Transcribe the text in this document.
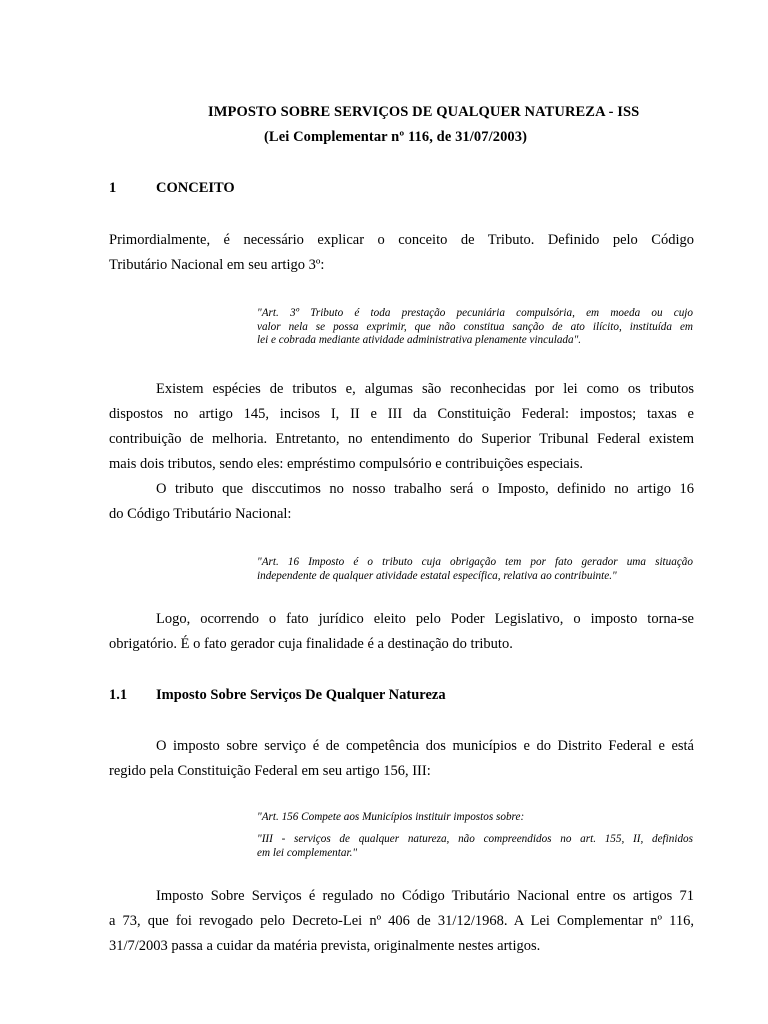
IMPOSTO SOBRE SERVIÇOS DE QUALQUER NATUREZA - ISS
(Lei Complementar nº 116, de 31/07/2003)
1	CONCEITO
Primordialmente, é necessário explicar o conceito de Tributo. Definido pelo Código
Tributário Nacional em seu artigo 3º:
"Art. 3º Tributo é toda prestação pecuniária compulsória, em moeda ou cujo
valor nela se possa exprimir, que não constitua sanção de ato ilícito, instituída em
lei e cobrada mediante atividade administrativa plenamente vinculada".
Existem espécies de tributos e, algumas são reconhecidas por lei como os tributos
dispostos no artigo 145, incisos I, II e III da Constituição Federal: impostos; taxas e
contribuição de melhoria. Entretanto, no entendimento do Superior Tribunal Federal existem
mais dois tributos, sendo eles: empréstimo compulsório e contribuições especiais.
O tributo que disccutimos no nosso trabalho será o Imposto, definido no artigo 16
do Código Tributário Nacional:
"Art. 16 Imposto é o tributo cuja obrigação tem por fato gerador uma situação
independente de qualquer atividade estatal específica, relativa ao contribuinte."
Logo, ocorrendo o fato jurídico eleito pelo Poder Legislativo, o imposto torna-se
obrigatório. É o fato gerador cuja finalidade é a destinação do tributo.
1.1 Imposto Sobre Serviços De Qualquer Natureza
O imposto sobre serviço é de competência dos municípios e do Distrito Federal e está
regido pela Constituição Federal em seu artigo 156, III:
"Art. 156 Compete aos Municípios instituir impostos sobre:
"III - serviços de qualquer natureza, não compreendidos no art. 155, II, definidos
em lei complementar."
Imposto Sobre Serviços é regulado no Código Tributário Nacional entre os artigos 71
a 73, que foi revogado pelo Decreto-Lei nº 406 de 31/12/1968. A Lei Complementar nº 116,
31/7/2003 passa a cuidar da matéria prevista, originalmente nestes artigos.
